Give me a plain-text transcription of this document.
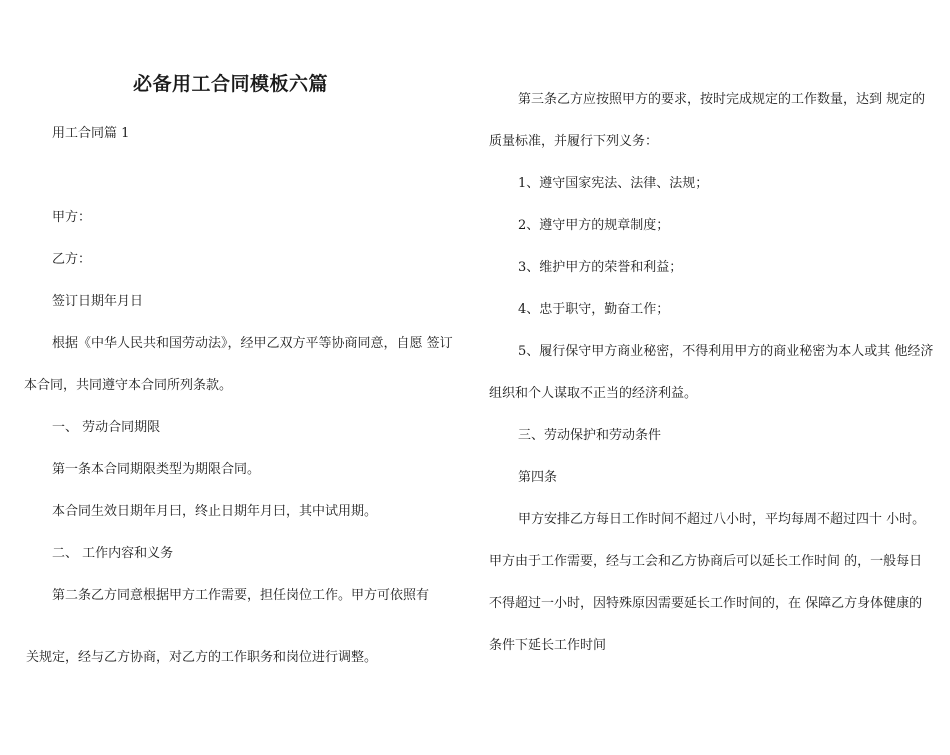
必备用工合同模板六篇
用工合同篇 1
甲方：
乙方：
签订日期年月日
根据《中华人民共和国劳动法》，经甲乙双方平等协商同意，自愿 签订
本合同，共同遵守本合同所列条款。
一、 劳动合同期限
第一条本合同期限类型为期限合同。
本合同生效日期年月曰，终止日期年月曰，其中试用期。
二、 工作内容和义务
第二条乙方同意根据甲方工作需要，担任岗位工作。甲方可依照有
关规定，经与乙方协商，对乙方的工作职务和岗位进行调整。
第三条乙方应按照甲方的要求，按时完成规定的工作数量，达到 规定的
质量标准，并履行下列义务：
1、遵守国家宪法、法律、法规；
2、遵守甲方的规章制度；
3、维护甲方的荣誉和利益；
4、忠于职守，勤奋工作；
5、履行保守甲方商业秘密，不得利用甲方的商业秘密为本人或其 他经济
组织和个人谋取不正当的经济利益。
三、劳动保护和劳动条件
第四条
甲方安排乙方每日工作时间不超过八小时，平均每周不超过四十 小时。
甲方由于工作需要，经与工会和乙方协商后可以延长工作时间 的，一般每日
不得超过一小时，因特殊原因需要延长工作时间的，在 保障乙方身体健康的
条件下延长工作时间
